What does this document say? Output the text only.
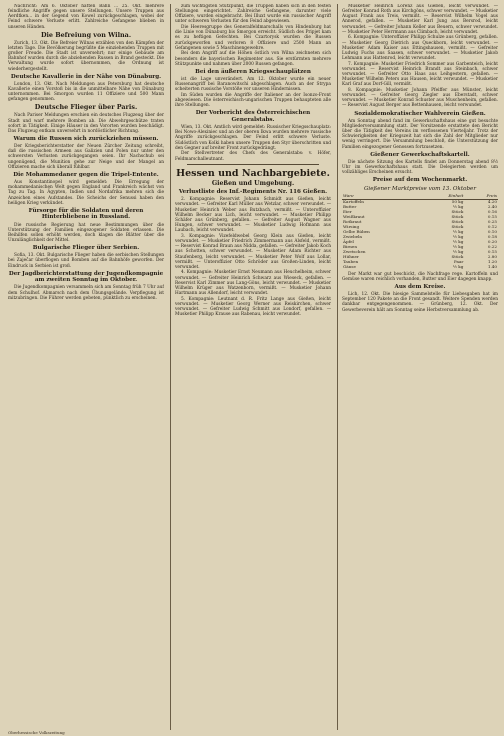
Nachricht: Am 6. Oktober hatten Bahn ... 25. Okt. mehrere feindliche Angriffe gegen unsere Stellungen. Unsere Truppen aus Aerdtken... in der Gegend von Kowel zurückgeschlagen, wobei der Feind schwere Verluste erlitt. Zahlreiche Gefangene blieben in unseren Händen.

Die Befreiung von Wilna.

Zurich, 13. Okt. Die Befreier Wilnas erzählen von den Kämpfen der letzten Tage. Die Bevölkerung begrüßte die einziehenden Truppen mit großer Freude. Die Stadt ist unversehrt; nur einige Gebäude am Bahnhof wurden durch die abziehenden Russen in Brand gesteckt. Die Verwaltung wurde sofort übernommen, die Ordnung ist wiederhergestellt.

Deutsche Kavallerie in der Nähe von Dünaburg.

London, 13. Okt. Nach Meldungen aus Petersburg hat deutsche Kavallerie einen Vorstoß bis in die unmittelbare Nähe von Dünaburg unternommen. Bei Smorgon wurden 11 Offiziere und 500 Mann gefangen genommen.

Deutsche Flieger über Paris.

Nach Pariser Meldungen erschien ein deutsches Flugzeug über der Stadt und warf mehrere Bomben ab. Die Abwehrgeschütze traten sofort in Tätigkeit. Einige Häuser in den Vororten wurden beschädigt. Das Flugzeug entkam unversehrt in nordöstlicher Richtung.

Warum die Russen sich zurückziehen müssen.

Der Kriegsberichterstatter der Neuen Zürcher Zeitung schreibt, daß die russischen Armeen aus Galizien und Polen nur unter den schwersten Verlusten zurückgegangen seien. Ihr Nachschub sei ungenügend, die Munition gehe zur Neige und der Mangel an Offizieren mache sich überall fühlbar.

Die Mohammedaner gegen die Tripel-Entente.

Aus Konstantinopel wird gemeldet: Die Erregung der mohammedanischen Welt gegen England und Frankreich wächst von Tag zu Tag. In Ägypten, Indien und Nordafrika mehren sich die Anzeichen eines Aufstandes. Die Scheichs der Senussi haben den heiligen Krieg verkündet.

Fürsorge für die Soldaten und deren Hinterbliebene in Russland.

Die russische Regierung hat neue Bestimmungen über die Unterstützung der Familien eingezogener Soldaten erlassen. Die Beihilfen sollen erhöht werden, doch klagen die Blätter über die Unzulänglichkeit der Mittel.

Bulgarische Flieger über Serbien.

Sofia, 13. Okt. Bulgarische Flieger haben die serbischen Stellungen bei Zaječar überflogen und Bomben auf die Bahnhöfe geworfen. Der Eindruck in Serbien ist groß.

Der Jagdberichterstattung der Jugendkompagnie am zweiten Sonntag im Oktober.

Die Jugendkompagnien versammeln sich am Sonntag früh 7 Uhr auf dem Schulhof. Abmarsch nach dem Übungsgelände. Verpflegung ist mitzubringen. Die Führer werden gebeten, pünktlich zu erscheinen.

zum wichtigsten Stützpunkt, die Truppen haben sich in den festen Stellungen eingerichtet. Zahlreiche Gefangene, darunter viele Offiziere, wurden eingebracht. Bei Illuxt wurde ein russischer Angriff unter schweren Verlusten für den Feind abgewiesen.

Die Heeresgruppe des Generalfeldmarschalls von Hindenburg hat die Linie von Dünaburg bis Smorgon erreicht. Südlich des Pripjet kam es zu heftigen Gefechten. Bei Czartorysk wurden die Russen zurückgeworfen und verloren 8 Offiziere und 2500 Mann an Gefangenen sowie 5 Maschinengewehre.

Bei dem Angriff auf die Höhen östlich von Wilna zeichneten sich besonders die bayerischen Regimenter aus. Sie erstürmten mehrere Stützpunkte und nahmen über 2000 Russen gefangen.

Bei den äußeren Kriegsschauplätzen

ist die Lage unverändert. Am 12. Oktober wurde ein neuer Russenangriff bei Baranowitschi abgeschlagen. Auch an der Strypa scheiterten russische Vorstöße vor unseren Hindernissen.

Im Süden wurden die Angriffe der Italiener an der Isonzo-Front abgewiesen. Die österreichisch-ungarischen Truppen behaupteten alle ihre Stellungen.

Der Vorbericht des Österreichischen Generalstabs.

Wien, 13. Okt. Amtlich wird gemeldet: Russischer Kriegsschauplatz: Bei Nowo-Alexiniec und an der oberen Ikwa wurden mehrere russische Angriffe zurückgeschlagen. Der Feind erlitt schwere Verluste. Südöstlich von Kolki haben unsere Truppen den Styr überschritten und den Gegner auf breiter Front zurückgedrängt.

Der Stellvertreter des Chefs des Generalstabs: v. Höfer, Feldmarschalleutnant.

Hessen und Nachbargebiete.
Gießen und Umgebung.
Verlustliste des Inf.-Regiments Nr. 116 Gießen.

2. Kompagnie: Reservist Johann Schmidt aus Gießen, leicht verwundet. — Gefreiter Karl Müller aus Wetzlar, schwer verwundet. — Musketier Heinrich Weber aus Butzbach, vermißt. — Unteroffizier Wilhelm Becker aus Lich, leicht verwundet. — Musketier Philipp Schäfer aus Grünberg, gefallen. — Gefreiter August Wagner aus Hungen, schwer verwundet. — Musketier Ludwig Hofmann aus Laubach, leicht verwundet.

3. Kompagnie: Vizefeldwebel Georg Klein aus Gießen, leicht verwundet. — Musketier Friedrich Zimmermann aus Alsfeld, vermißt. — Reservist Konrad Braun aus Nidda, gefallen. — Gefreiter Jakob Koch aus Schotten, schwer verwundet. — Musketier Adam Richter aus Staufenberg, leicht verwundet. — Musketier Peter Wolf aus Lollar, vermißt. — Unteroffizier Otto Schröder aus Großen-Linden, leicht verwundet.

4. Kompagnie: Musketier Ernst Neumann aus Heuchelheim, schwer verwundet. — Gefreiter Heinrich Schwarz aus Wieseck, gefallen. — Reservist Karl Zimmer aus Lang-Göns, leicht verwundet. — Musketier Wilhelm Krüger aus Watzenborn, vermißt. — Musketier Johann Hartmann aus Allendorf, leicht verwundet.

5. Kompagnie: Leutnant d. R. Fritz Lange aus Gießen, leicht verwundet. — Musketier Georg Werner aus Reiskirchen, schwer verwundet. — Gefreiter Ludwig Schmitt aus Londorf, gefallen. — Musketier Philipp Krause aus Rabenau, leicht verwundet.

Musketier Heinrich Lorenz aus Gießen, leicht verwundet. — Gefreiter Konrad Roth aus Kirchgöns, schwer verwundet. — Musketier August Frank aus Treis, vermißt. — Reservist Wilhelm Vogel aus Annerod, gefallen. — Musketier Karl Jung aus Bersrod, leicht verwundet. — Gefreiter Johann Keller aus Beuern, schwer verwundet. — Musketier Peter Herrmann aus Climbach, leicht verwundet.

6. Kompagnie: Unteroffizier Philipp Schulze aus Grünberg, gefallen. — Musketier Georg Dietrich aus Queckborn, leicht verwundet. — Musketier Adam Kaiser aus Ettingshausen, vermißt. — Gefreiter Ludwig Fuchs aus Saasen, schwer verwundet. — Musketier Jakob Lehmann aus Hattenrod, leicht verwundet.

7. Kompagnie: Musketier Friedrich Sommer aus Garbenteich, leicht verwundet. — Reservist Heinrich Brandt aus Steinbach, schwer verwundet. — Gefreiter Otto Haas aus Leihgestern, gefallen. — Musketier Wilhelm Peters aus Hausen, leicht verwundet. — Musketier Karl Graf aus Dorf-Gill, vermißt.

8. Kompagnie: Musketier Johann Pfeiffer aus Münster, leicht verwundet. — Gefreiter Georg Ziegler aus Eberstadt, schwer verwundet. — Musketier Konrad Schuster aus Muschenheim, gefallen. — Reservist August Berger aus Bettenhausen, leicht verwundet.

Sozialdemokratischer Wahlverein Gießen.

Am Sonntag abend fand im Gewerkschaftshaus eine gut besuchte Mitgliederversammlung statt. Der Vorsitzende erstattete den Bericht über die Tätigkeit des Vereins im verflossenen Vierteljahr. Trotz der Schwierigkeiten der Kriegszeit hat sich die Zahl der Mitglieder nur wenig verringert. Die Versammlung beschloß, die Unterstützung der Familien eingezogener Genossen fortzusetzen.

Gießener Gewerkschaftskartell.

Die nächste Sitzung des Kartells findet am Donnerstag abend 8½ Uhr im Gewerkschaftshaus statt. Die Delegierten werden um vollzähliges Erscheinen ersucht.

Preise auf dem Wochenmarkt.
Gießener Marktpreise vom 13. Oktober
Ware	Einheit	Preis
Kartoffeln	50 kg	4.20
Butter	½ kg	2.40
Eier	Stück	0.16
Weißkraut	Stück	0.15
Rotkraut	Stück	0.25
Wirsing	Stück	0.12
Gelbe Rüben	½ kg	0.10
Zwiebeln	½ kg	0.18
Äpfel	½ kg	0.20
Birnen	½ kg	0.22
Zwetschen	½ kg	0.15
Hühner	Stück	2.80
Tauben	Paar	1.20
Gänse	½ kg	1.40

Der Markt war gut beschickt, die Nachfrage rege. Kartoffeln und Gemüse waren reichlich vorhanden, Butter und Eier dagegen knapp.

Aus dem Kreise.

Lich, 12. Okt. Die hiesige Sammelstelle für Liebesgaben hat im September 120 Pakete an die Front gesandt. Weitere Spenden werden dankbar entgegengenommen. — Grünberg, 12. Okt. Der Gewerbeverein hält am Sonntag seine Herbstversammlung ab.

Oberhessische Volkszeitung
